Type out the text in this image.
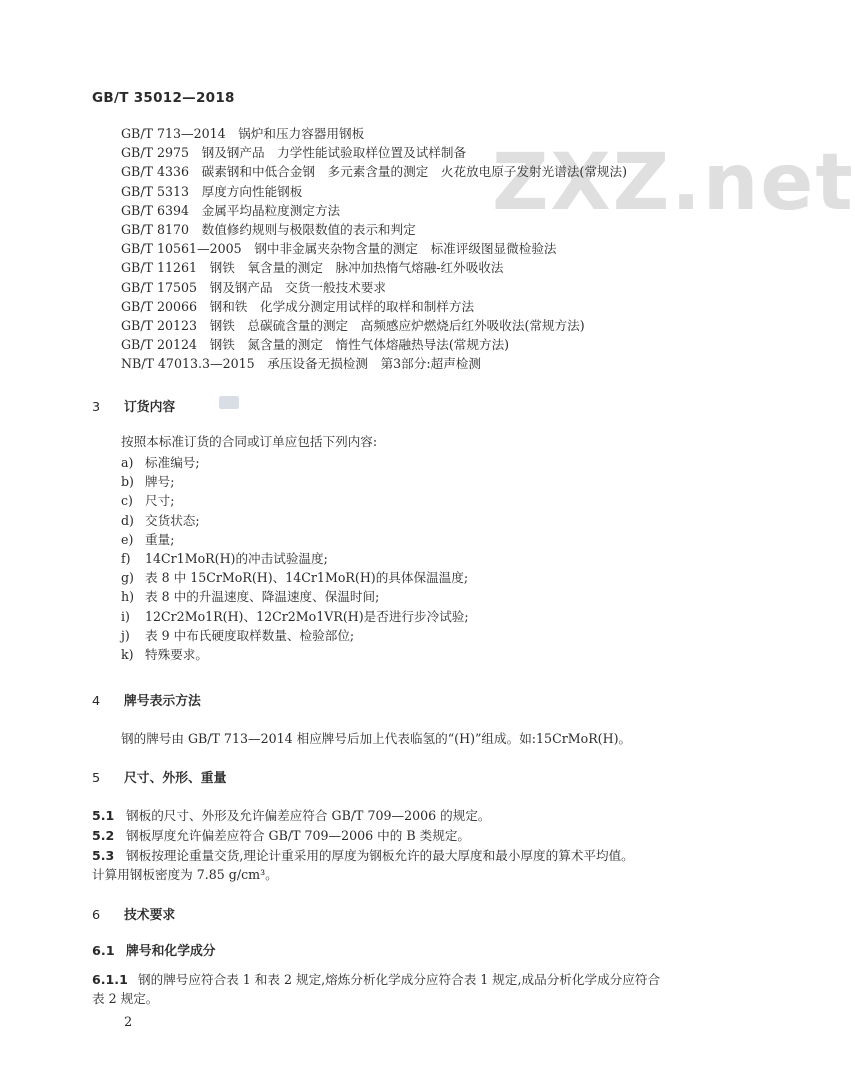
ZXZ.net
GB/T 35012—2018
GB/T 713—2014　锅炉和压力容器用钢板
GB/T 2975　钢及钢产品　力学性能试验取样位置及试样制备
GB/T 4336　碳素钢和中低合金钢　多元素含量的测定　火花放电原子发射光谱法(常规法)
GB/T 5313　厚度方向性能钢板
GB/T 6394　金属平均晶粒度测定方法
GB/T 8170　数值修约规则与极限数值的表示和判定
GB/T 10561—2005　钢中非金属夹杂物含量的测定　标准评级图显微检验法
GB/T 11261　钢铁　氧含量的测定　脉冲加热惰气熔融-红外吸收法
GB/T 17505　钢及钢产品　交货一般技术要求
GB/T 20066　钢和铁　化学成分测定用试样的取样和制样方法
GB/T 20123　钢铁　总碳硫含量的测定　高频感应炉燃烧后红外吸收法(常规方法)
GB/T 20124　钢铁　氮含量的测定　惰性气体熔融热导法(常规方法)
NB/T 47013.3—2015　承压设备无损检测　第3部分:超声检测
3 订货内容
按照本标准订货的合同或订单应包括下列内容:
a) 标准编号;
b) 牌号;
c) 尺寸;
d) 交货状态;
e) 重量;
f) 14Cr1MoR(H)的冲击试验温度;
g) 表 8 中 15CrMoR(H)、14Cr1MoR(H)的具体保温温度;
h) 表 8 中的升温速度、降温速度、保温时间;
i) 12Cr2Mo1R(H)、12Cr2Mo1VR(H)是否进行步冷试验;
j) 表 9 中布氏硬度取样数量、检验部位;
k) 特殊要求。
4 牌号表示方法
钢的牌号由 GB/T 713—2014 相应牌号后加上代表临氢的“(H)”组成。如:15CrMoR(H)。
5 尺寸、外形、重量
5.1 钢板的尺寸、外形及允许偏差应符合 GB/T 709—2006 的规定。
5.2 钢板厚度允许偏差应符合 GB/T 709—2006 中的 B 类规定。
5.3 钢板按理论重量交货,理论计重采用的厚度为钢板允许的最大厚度和最小厚度的算术平均值。
计算用钢板密度为 7.85 g/cm³。
6 技术要求
6.1 牌号和化学成分
6.1.1 钢的牌号应符合表 1 和表 2 规定,熔炼分析化学成分应符合表 1 规定,成品分析化学成分应符合
表 2 规定。
2
